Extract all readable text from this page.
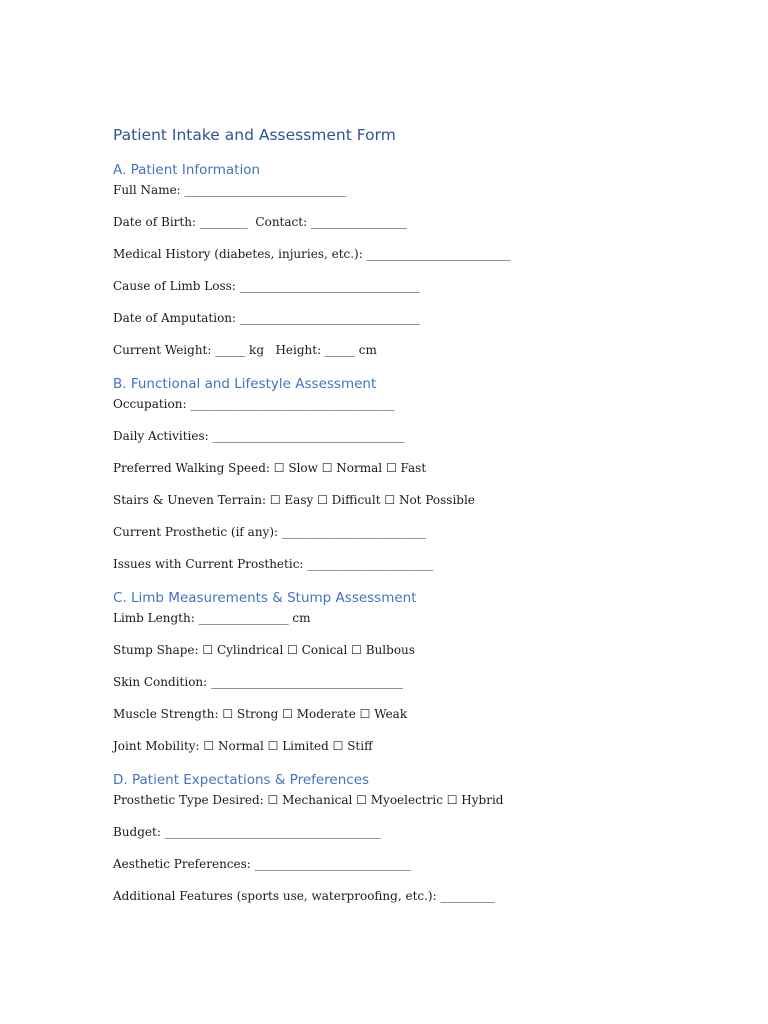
Patient Intake and Assessment Form
A. Patient Information

Full Name: ___________________________

Date of Birth: ________  Contact: ________________

Medical History (diabetes, injuries, etc.): ________________________

Cause of Limb Loss: ______________________________

Date of Amputation: ______________________________

Current Weight: _____ kg   Height: _____ cm

B. Functional and Lifestyle Assessment

Occupation: __________________________________

Daily Activities: ________________________________

Preferred Walking Speed: ☐ Slow ☐ Normal ☐ Fast

Stairs & Uneven Terrain: ☐ Easy ☐ Difficult ☐ Not Possible

Current Prosthetic (if any): ________________________

Issues with Current Prosthetic: _____________________

C. Limb Measurements & Stump Assessment

Limb Length: _______________ cm

Stump Shape: ☐ Cylindrical ☐ Conical ☐ Bulbous

Skin Condition: ________________________________

Muscle Strength: ☐ Strong ☐ Moderate ☐ Weak

Joint Mobility: ☐ Normal ☐ Limited ☐ Stiff

D. Patient Expectations & Preferences

Prosthetic Type Desired: ☐ Mechanical ☐ Myoelectric ☐ Hybrid

Budget: ____________________________________

Aesthetic Preferences: __________________________

Additional Features (sports use, waterproofing, etc.): _________
